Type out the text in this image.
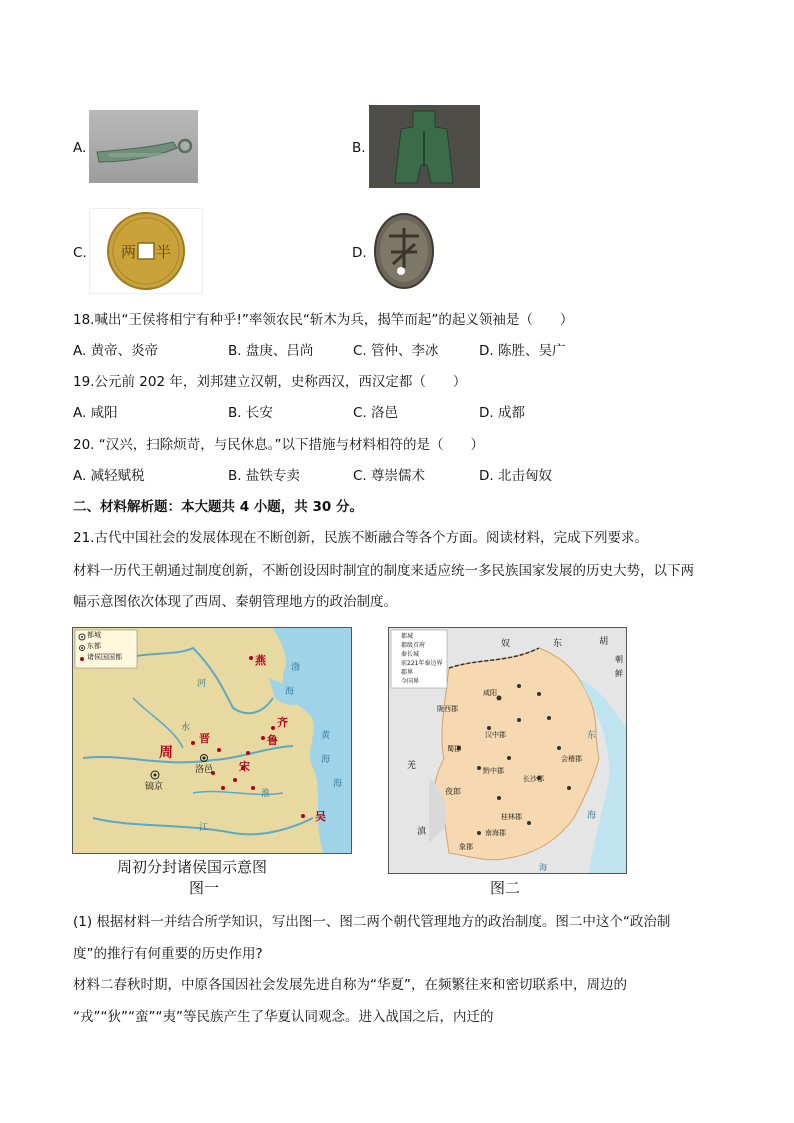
A.	B.
C. 两 半	D.
18.喊出“王侯将相宁有种乎!”率领农民“斩木为兵，揭竿而起”的起义领袖是（　　）
A. 黄帝、炎帝	B. 盘庚、吕尚	C. 管仲、李冰	D. 陈胜、吴广
19.公元前 202 年，刘邦建立汉朝，史称西汉，西汉定都（　　）
A. 咸阳	B. 长安	C. 洛邑	D. 成都
20. “汉兴，扫除烦苛，与民休息。”以下措施与材料相符的是（　　）
A. 减轻赋税	B. 盐铁专卖	C. 尊崇儒术	D. 北击匈奴
二、材料解析题：本大题共 4 小题，共 30 分。
21.古代中国社会的发展体现在不断创新，民族不断融合等各个方面。阅读材料，完成下列要求。
材料一历代王朝通过制度创新，不断创设因时制宜的制度来适应统一多民族国家发展的历史大势，以下两
幅示意图依次体现了西周、秦朝管理地方的政治制度。
都城
东都
诸侯国国都	燕
齐
鲁
晋
宋
吴
周
洛邑
镐京
渤
海
黄
海
海
河
水
淮
江
周初分封诸侯国示意图
图一
都城
郡级首府
秦长城
前221年秦边界
郡界
今国界
东	胡
朝
鲜
奴
咸阳
陇西郡
羌
夜郎
滇
东
海
海
南海郡
象郡
桂林郡
长沙郡
黔中郡
蜀郡
汉中郡
会稽郡
图二
(1) 根据材料一并结合所学知识，写出图一、图二两个朝代管理地方的政治制度。图二中这个“政治制
度”的推行有何重要的历史作用?
材料二春秋时期，中原各国因社会发展先进自称为“华夏”，在频繁往来和密切联系中，周边的
“戎”“狄”“蛮”“夷”等民族产生了华夏认同观念。进入战国之后，内迁的
